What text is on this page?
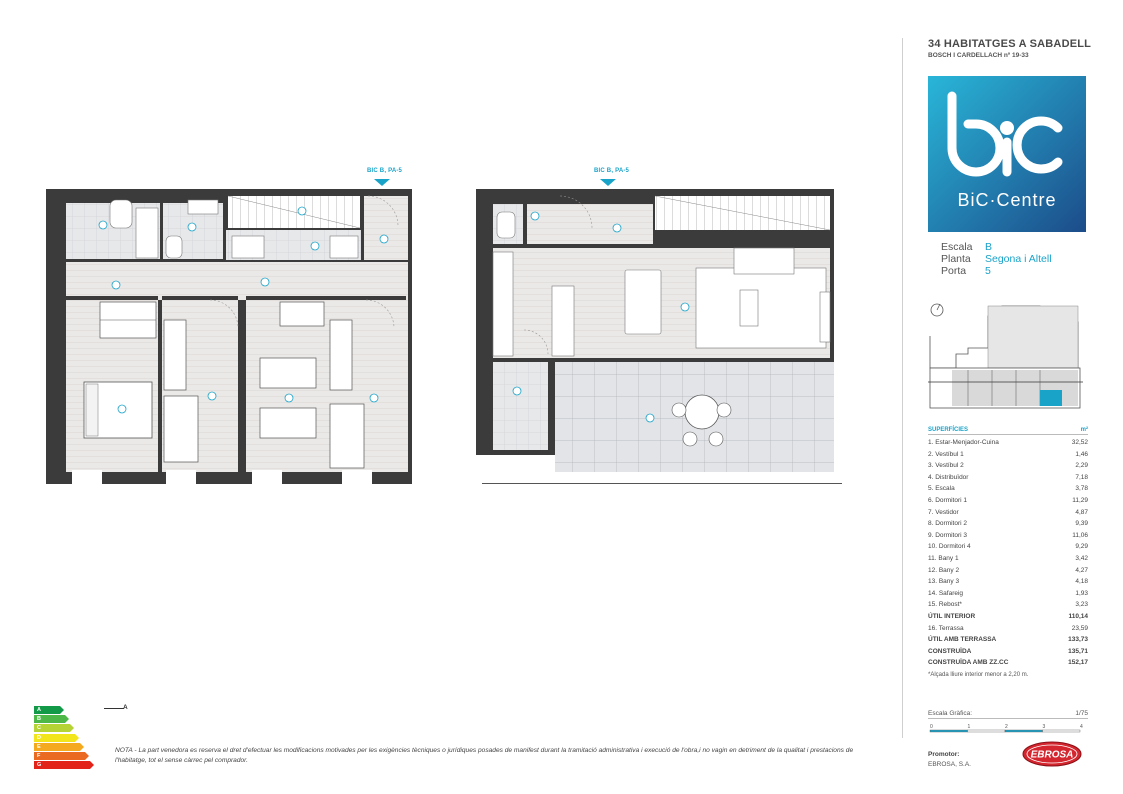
BIC B, PA-5	BIC B, PA-5
34 HABITATGES A SABADELL
BOSCH I CARDELLACH nº 19-33
BiC·Centre
Escala	B
Planta	Segona i Altell
Porta	5
SUPERFÍCIES	m²
1. Estar-Menjador-Cuina	32,52
2. Vestíbul 1	1,46
3. Vestíbul 2	2,29
4. Distribuïdor	7,18
5. Escala	3,78
6. Dormitori 1	11,29
7. Vestidor	4,87
8. Dormitori 2	9,39
9. Dormitori 3	11,06
10. Dormitori 4	9,29
11. Bany 1	3,42
12. Bany 2	4,27
13. Bany 3	4,18
14. Safareig	1,93
15. Rebost*	3,23
ÚTIL INTERIOR	110,14
16. Terrassa	23,59
ÚTIL AMB TERRASSA	133,73
CONSTRUÏDA	135,71
CONSTRUÏDA AMB ZZ.CC	152,17
*Alçada lliure interior menor a 2,20 m.
Escala Gràfica:	1/75
0	1	2	3	4
Promotor:
EBROSA, S.A.
EBROSA
A	A
B
C
D
E
F
G
NOTA - La part venedora es reserva el dret d'efectuar les modificacions motivades per les exigències tècniques o jurídiques posades de manifest durant la tramitació administrativa i execució de l'obra,i no vagin en detriment de la qualitat i prestacions de l'habitatge, tot el sense càrrec pel comprador.
